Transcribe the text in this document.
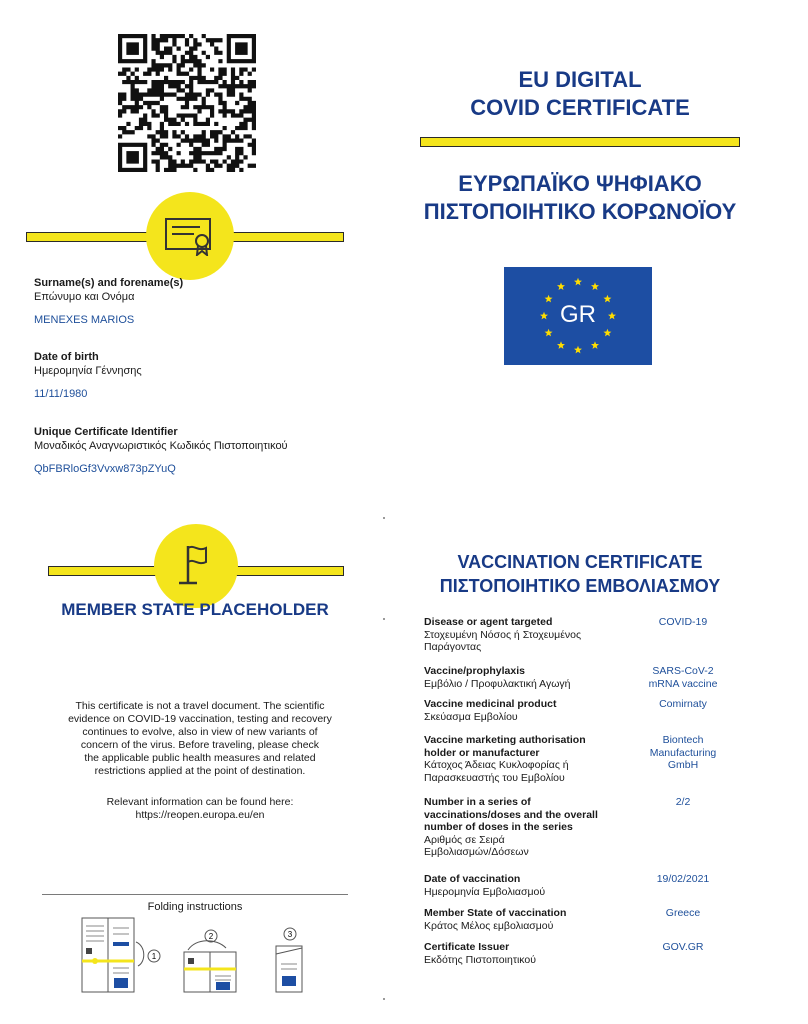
Surname(s) and forename(s)
Επώνυμο και Ονόμα
MENEXES MARIOS
Date of birth
Ημερομηνία Γέννησης
11/11/1980
Unique Certificate Identifier
Μοναδικός Αναγνωριστικός Κωδικός Πιστοποιητικού
QbFBRloGf3Vvxw873pZYuQ
MEMBER STATE PLACEHOLDER
This certificate is not a travel document. The scientific
evidence on COVID-19 vaccination, testing and recovery
continues to evolve, also in view of new variants of
concern of the virus. Before traveling, please check
the applicable public health measures and related
restrictions applied at the point of destination.
Relevant information can be found here:
https://reopen.europa.eu/en
Folding instructions
1
2	3
EU DIGITAL
COVID CERTIFICATE
ΕΥΡΩΠΑΪΚΟ ΨΗΦΙΑΚΟ
ΠΙΣΤΟΠΟΙΗΤΙΚΟ ΚΟΡΩΝΟΪΟΥ
GR
VACCINATION CERTIFICATE
ΠΙΣΤΟΠΟΙΗΤΙΚΟ ΕΜΒΟΛΙΑΣΜΟΥ
Disease or agent targeted
Στοχευμένη Νόσος ή Στοχευμένος
Παράγοντας
COVID-19
Vaccine/prophylaxis
Εμβόλιο / Προφυλακτική Αγωγή
SARS-CoV-2
mRNA vaccine
Vaccine medicinal product
Σκεύασμα Εμβολίου
Comirnaty
Vaccine marketing authorisation
holder or manufacturer
Κάτοχος Άδειας Κυκλοφορίας ή
Παρασκευαστής του Εμβολίου
Biontech
Manufacturing
GmbH
Number in a series of
vaccinations/doses and the overall
number of doses in the series
Αριθμός σε Σειρά
Εμβολιασμών/Δόσεων
2/2
Date of vaccination
Ημερομηνία Εμβολιασμού
19/02/2021
Member State of vaccination
Κράτος Μέλος εμβολιασμού
Greece
Certificate Issuer
Εκδότης Πιστοποιητικού
GOV.GR
